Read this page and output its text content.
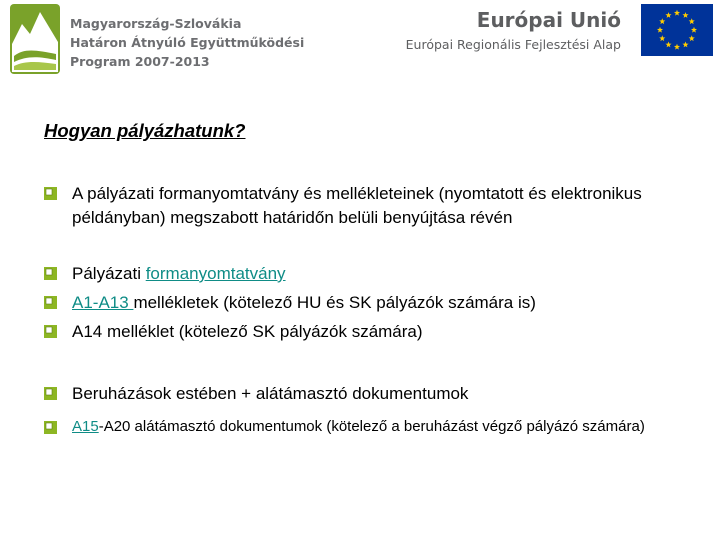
Magyarország-Szlovákia
Határon Átnyúló Együttműködési
Program 2007-2013
Európai Unió
Európai Regionális Fejlesztési Alap
Hogyan pályázhatunk?
A pályázati formanyomtatvány és mellékleteinek (nyomtatott és elektronikus példányban) megszabott határidőn belüli benyújtása révén
Pályázati formanyomtatvány
A1-A13 mellékletek (kötelező HU és SK pályázók számára is)
A14 melléklet (kötelező SK pályázók számára)
Beruházások estében + alátámasztó dokumentumok
A15-A20 alátámasztó dokumentumok (kötelező a beruházást végző pályázó számára)
